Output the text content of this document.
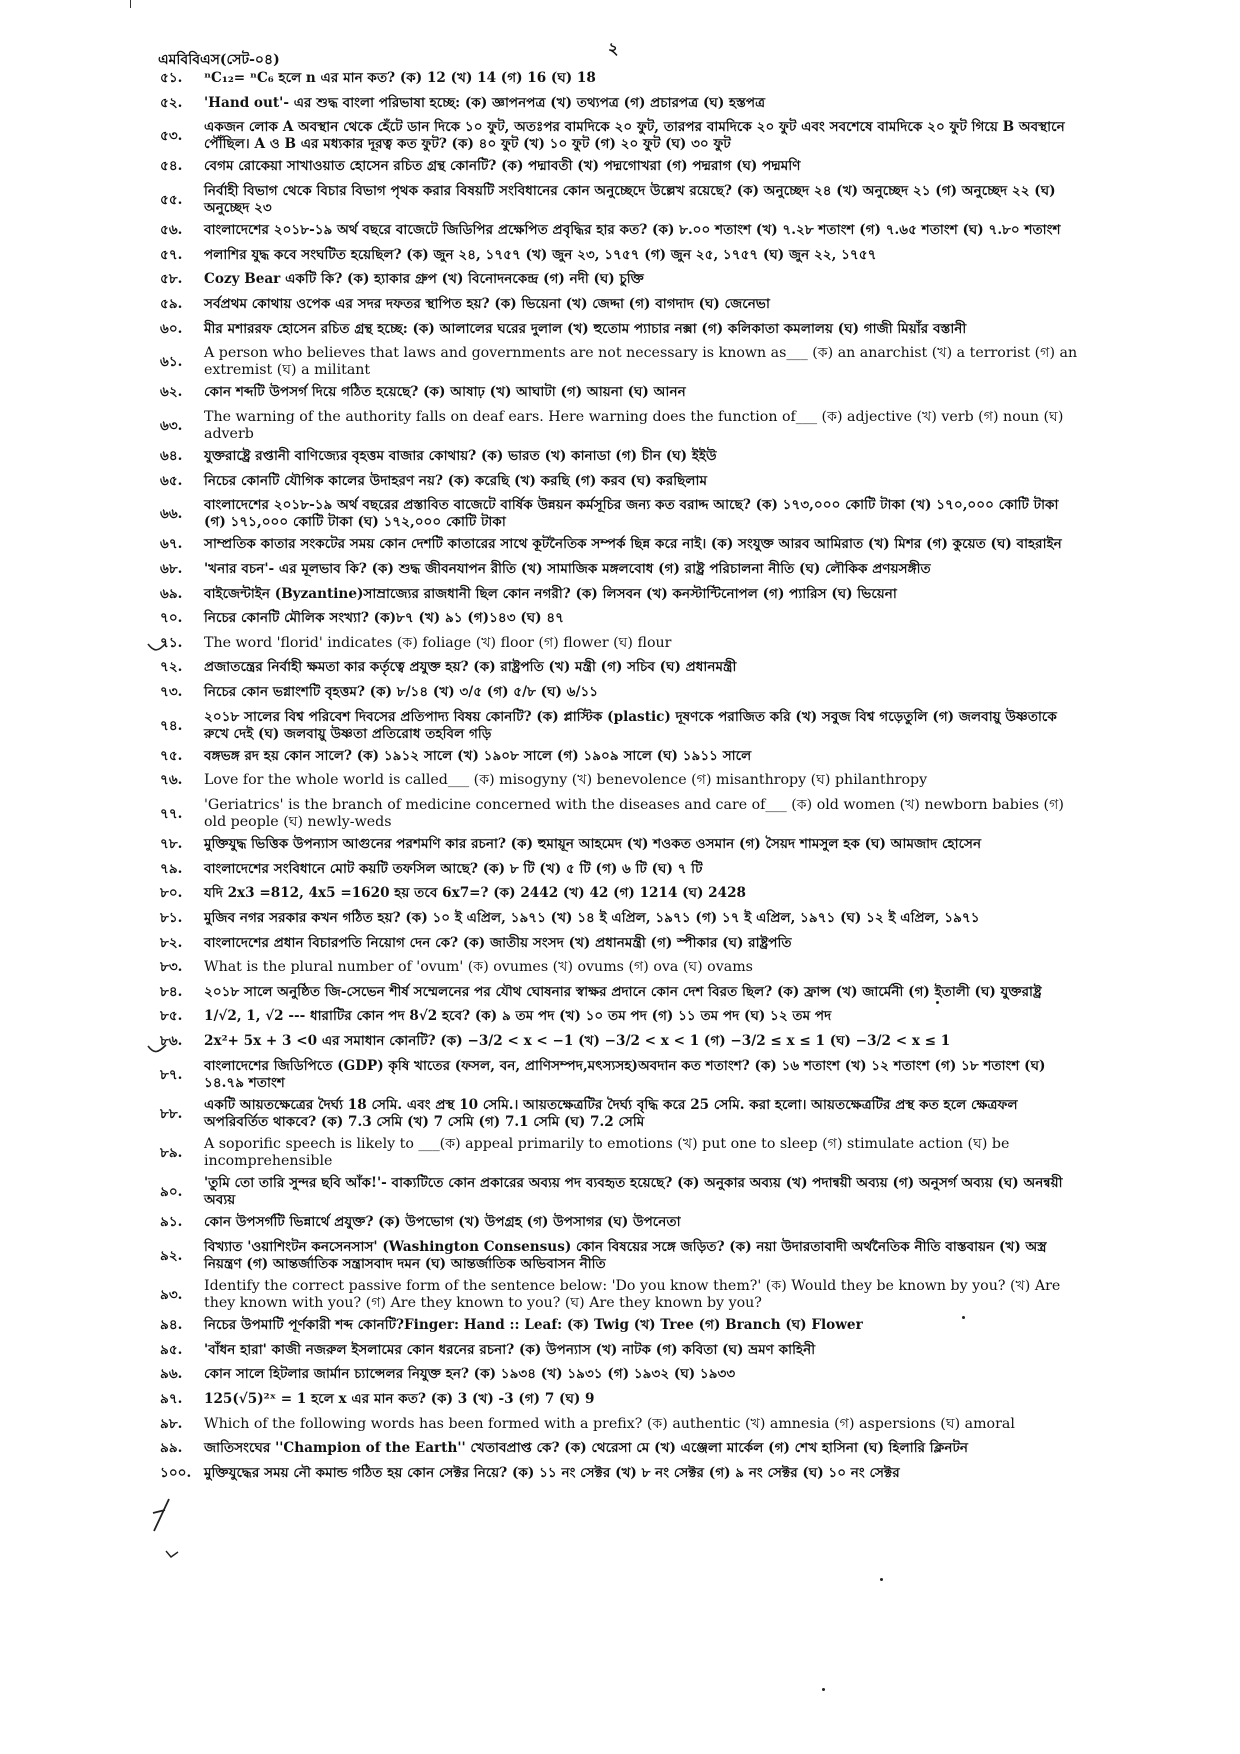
এমবিবিএস(সেট-০৪)
২
৫১. ⁿC₁₂= ⁿC₆ হলে n এর মান কত? (ক) 12 (খ) 14 (গ) 16 (ঘ) 18
৫২. 'Hand out'- এর শুদ্ধ বাংলা পরিভাষা হচ্ছে: (ক) জ্ঞাপনপত্র (খ) তথ্যপত্র (গ) প্রচারপত্র (ঘ) হস্তপত্র
৫৩.
একজন লোক A অবস্থান থেকে হেঁটে ডান দিকে ১০ ফুট, অতঃপর বামদিকে ২০ ফুট, তারপর বামদিকে ২০ ফুট এবং সবশেষে বামদিকে ২০ ফুট গিয়ে B অবস্থানে পৌঁছিল। A ও B এর মধ্যকার দূরত্ব কত ফুট? (ক) ৪০ ফুট (খ) ১০ ফুট (গ) ২০ ফুট (ঘ) ৩০ ফুট
৫৪. বেগম রোকেয়া সাখাওয়াত হোসেন রচিত গ্রন্থ কোনটি? (ক) পদ্মাবতী (খ) পদ্মগোখরা (গ) পদ্মরাগ (ঘ) পদ্মমণি
৫৫.
নির্বাহী বিভাগ থেকে বিচার বিভাগ পৃথক করার বিষয়টি সংবিধানের কোন অনুচ্ছেদে উল্লেখ রয়েছে? (ক) অনুচ্ছেদ ২৪ (খ) অনুচ্ছেদ ২১ (গ) অনুচ্ছেদ ২২ (ঘ) অনুচ্ছেদ ২৩
৫৬. বাংলাদেশের ২০১৮-১৯ অর্থ বছরে বাজেটে জিডিপির প্রক্ষেপিত প্রবৃদ্ধির হার কত? (ক) ৮.০০ শতাংশ (খ) ৭.২৮ শতাংশ (গ) ৭.৬৫ শতাংশ (ঘ) ৭.৮০ শতাংশ
৫৭. পলাশির যুদ্ধ কবে সংঘটিত হয়েছিল? (ক) জুন ২৪, ১৭৫৭ (খ) জুন ২৩, ১৭৫৭ (গ) জুন ২৫, ১৭৫৭ (ঘ) জুন ২২, ১৭৫৭
৫৮. Cozy Bear একটি কি? (ক) হ্যাকার গ্রুপ (খ) বিনোদনকেন্দ্র (গ) নদী (ঘ) চুক্তি
৫৯. সর্বপ্রথম কোথায় ওপেক এর সদর দফতর স্থাপিত হয়? (ক) ভিয়েনা (খ) জেদ্দা (গ) বাগদাদ (ঘ) জেনেভা
৬০. মীর মশাররফ হোসেন রচিত গ্রন্থ হচ্ছে: (ক) আলালের ঘরের দুলাল (খ) হুতোম প্যাচার নক্সা (গ) কলিকাতা কমলালয় (ঘ) গাজী মিয়াঁর বস্তানী
৬১.
A person who believes that laws and governments are not necessary is known as___ (ক) an anarchist (খ) a terrorist (গ) an extremist (ঘ) a militant
৬২. কোন শব্দটি উপসর্গ দিয়ে গঠিত হয়েছে? (ক) আষাঢ় (খ) আঘাটা (গ) আয়না (ঘ) আনন
৬৩.
The warning of the authority falls on deaf ears. Here warning does the function of___ (ক) adjective (খ) verb (গ) noun (ঘ) adverb
৬৪. যুক্তরাষ্ট্রে রপ্তানী বাণিজ্যের বৃহত্তম বাজার কোথায়? (ক) ভারত (খ) কানাডা (গ) চীন (ঘ) ইইউ
৬৫. নিচের কোনটি যৌগিক কালের উদাহরণ নয়? (ক) করেছি (খ) করছি (গ) করব (ঘ) করছিলাম
৬৬.
বাংলাদেশের ২০১৮-১৯ অর্থ বছরের প্রস্তাবিত বাজেটে বার্ষিক উন্নয়ন কর্মসূচির জন্য কত বরাদ্দ আছে? (ক) ১৭৩,০০০ কোটি টাকা (খ) ১৭০,০০০ কোটি টাকা (গ) ১৭১,০০০ কোটি টাকা (ঘ) ১৭২,০০০ কোটি টাকা
৬৭. সাম্প্রতিক কাতার সংকটের সময় কোন দেশটি কাতারের সাথে কূটনৈতিক সম্পর্ক ছিন্ন করে নাই। (ক) সংযুক্ত আরব আমিরাত (খ) মিশর (গ) কুয়েত (ঘ) বাহরাইন
৬৮. 'খনার বচন'- এর মূলভাব কি? (ক) শুদ্ধ জীবনযাপন রীতি (খ) সামাজিক মঙ্গলবোধ (গ) রাষ্ট্র পরিচালনা নীতি (ঘ) লৌকিক প্রণয়সঙ্গীত
৬৯. বাইজেন্টাইন (Byzantine)সাম্রাজ্যের রাজধানী ছিল কোন নগরী? (ক) লিসবন (খ) কনস্টান্টিনোপল (গ) প্যারিস (ঘ) ভিয়েনা
৭০. নিচের কোনটি মৌলিক সংখ্যা? (ক)৮৭ (খ) ৯১ (গ)১৪৩ (ঘ) ৪৭
৭১. The word 'florid' indicates (ক) foliage (খ) floor (গ) flower (ঘ) flour
৭২. প্রজাতন্ত্রের নির্বাহী ক্ষমতা কার কর্তৃত্বে প্রযুক্ত হয়? (ক) রাষ্ট্রপতি (খ) মন্ত্রী (গ) সচিব (ঘ) প্রধানমন্ত্রী
৭৩. নিচের কোন ভগ্নাংশটি বৃহত্তম? (ক) ৮/১৪ (খ) ৩/৫ (গ) ৫/৮ (ঘ) ৬/১১
৭৪.
২০১৮ সালের বিশ্ব পরিবেশ দিবসের প্রতিপাদ্য বিষয় কোনটি? (ক) প্লাস্টিক (plastic) দূষণকে পরাজিত করি (খ) সবুজ বিশ্ব গড়েতুলি (গ) জলবায়ু উষ্ণতাকে রুখে দেই (ঘ) জলবায়ু উষ্ণতা প্রতিরোধ তহবিল গড়ি
৭৫. বঙ্গভঙ্গ রদ হয় কোন সালে? (ক) ১৯১২ সালে (খ) ১৯০৮ সালে (গ) ১৯০৯ সালে (ঘ) ১৯১১ সালে
৭৬. Love for the whole world is called___ (ক) misogyny (খ) benevolence (গ) misanthropy (ঘ) philanthropy
৭৭.
'Geriatrics' is the branch of medicine concerned with the diseases and care of___ (ক) old women (খ) newborn babies (গ) old people (ঘ) newly-weds
৭৮. মুক্তিযুদ্ধ ভিত্তিক উপন্যাস আগুনের পরশমণি কার রচনা? (ক) হুমায়ূন আহমেদ (খ) শওকত ওসমান (গ) সৈয়দ শামসুল হক (ঘ) আমজাদ হোসেন
৭৯. বাংলাদেশের সংবিধানে মোট কয়টি তফসিল আছে? (ক) ৮ টি (খ) ৫ টি (গ) ৬ টি (ঘ) ৭ টি
৮০. যদি 2x3 =812, 4x5 =1620 হয় তবে 6x7=? (ক) 2442 (খ) 42 (গ) 1214 (ঘ) 2428
৮১. মুজিব নগর সরকার কখন গঠিত হয়? (ক) ১০ ই এপ্রিল, ১৯৭১ (খ) ১৪ ই এপ্রিল, ১৯৭১ (গ) ১৭ ই এপ্রিল, ১৯৭১ (ঘ) ১২ ই এপ্রিল, ১৯৭১
৮২. বাংলাদেশের প্রধান বিচারপতি নিয়োগ দেন কে? (ক) জাতীয় সংসদ (খ) প্রধানমন্ত্রী (গ) স্পীকার (ঘ) রাষ্ট্রপতি
৮৩. What is the plural number of 'ovum' (ক) ovumes (খ) ovums (গ) ova (ঘ) ovams
৮৪. ২০১৮ সালে অনুষ্ঠিত জি-সেভেন শীর্ষ সম্মেলনের পর যৌথ ঘোষনার স্বাক্ষর প্রদানে কোন দেশ বিরত ছিল? (ক) ফ্রান্স (খ) জার্মেনী (গ) ইতালী (ঘ) যুক্তরাষ্ট্র
৮৫. 1/√2, 1, √2 --- ধারাটির কোন পদ 8√2 হবে? (ক) ৯ তম পদ (খ) ১০ তম পদ (গ) ১১ তম পদ (ঘ) ১২ তম পদ
৮৬. 2x²+ 5x + 3 <0 এর সমাধান কোনটি? (ক) −3/2 < x < −1 (খ) −3/2 < x < 1 (গ) −3/2 ≤ x ≤ 1 (ঘ) −3/2 < x ≤ 1
৮৭.
বাংলাদেশের জিডিপিতে (GDP) কৃষি খাতের (ফসল, বন, প্রাণিসম্পদ,মৎস্যসহ)অবদান কত শতাংশ? (ক) ১৬ শতাংশ (খ) ১২ শতাংশ (গ) ১৮ শতাংশ (ঘ) ১৪.৭৯ শতাংশ
৮৮.
একটি আয়তক্ষেত্রের দৈর্ঘ্য 18 সেমি. এবং প্রস্থ 10 সেমি.। আয়তক্ষেত্রটির দৈর্ঘ্য বৃদ্ধি করে 25 সেমি. করা হলো। আয়তক্ষেত্রটির প্রস্থ কত হলে ক্ষেত্রফল অপরিবর্তিত থাকবে? (ক) 7.3 সেমি (খ) 7 সেমি (গ) 7.1 সেমি (ঘ) 7.2 সেমি
৮৯.
A soporific speech is likely to ___(ক) appeal primarily to emotions (খ) put one to sleep (গ) stimulate action (ঘ) be incomprehensible
৯০.
'তুমি তো তারি সুন্দর ছবি আঁক!'- বাক্যটিতে কোন প্রকারের অব্যয় পদ ব্যবহৃত হয়েছে? (ক) অনুকার অব্যয় (খ) পদান্বয়ী অব্যয় (গ) অনুসর্গ অব্যয় (ঘ) অনন্বয়ী অব্যয়
৯১. কোন উপসর্গটি ভিন্নার্থে প্রযুক্ত? (ক) উপভোগ (খ) উপগ্রহ (গ) উপসাগর (ঘ) উপনেতা
৯২.
বিখ্যাত 'ওয়াশিংটন কনসেনসাস' (Washington Consensus) কোন বিষয়ের সঙ্গে জড়িত? (ক) নয়া উদারতাবাদী অর্থনৈতিক নীতি বাস্তবায়ন (খ) অস্ত্র নিয়ন্ত্রণ (গ) আন্তর্জাতিক সন্ত্রাসবাদ দমন (ঘ) আন্তর্জাতিক অভিবাসন নীতি
৯৩.
Identify the correct passive form of the sentence below: 'Do you know them?' (ক) Would they be known by you? (খ) Are they known with you? (গ) Are they known to you? (ঘ) Are they known by you?
৯৪. নিচের উপমাটি পূর্ণকারী শব্দ কোনটি?Finger: Hand :: Leaf: (ক) Twig (খ) Tree (গ) Branch (ঘ) Flower
৯৫. 'বাঁধন হারা' কাজী নজরুল ইসলামের কোন ধরনের রচনা? (ক) উপন্যাস (খ) নাটক (গ) কবিতা (ঘ) ভ্রমণ কাহিনী
৯৬. কোন সালে হিটলার জার্মান চ্যান্সেলর নিযুক্ত হন? (ক) ১৯৩৪ (খ) ১৯৩১ (গ) ১৯৩২ (ঘ) ১৯৩৩
৯৭. 125(√5)²ˣ = 1 হলে x এর মান কত? (ক) 3 (খ) -3 (গ) 7 (ঘ) 9
৯৮. Which of the following words has been formed with a prefix? (ক) authentic (খ) amnesia (গ) aspersions (ঘ) amoral
৯৯. জাতিসংঘের ''Champion of the Earth'' খেতাবপ্রাপ্ত কে? (ক) থেরেসা মে (খ) এঞ্জেলা মার্কেল (গ) শেখ হাসিনা (ঘ) হিলারি ক্লিনটন
১০০. মুক্তিযুদ্ধের সময় নৌ কমান্ড গঠিত হয় কোন সেক্টর নিয়ে? (ক) ১১ নং সেক্টর (খ) ৮ নং সেক্টর (গ) ৯ নং সেক্টর (ঘ) ১০ নং সেক্টর
